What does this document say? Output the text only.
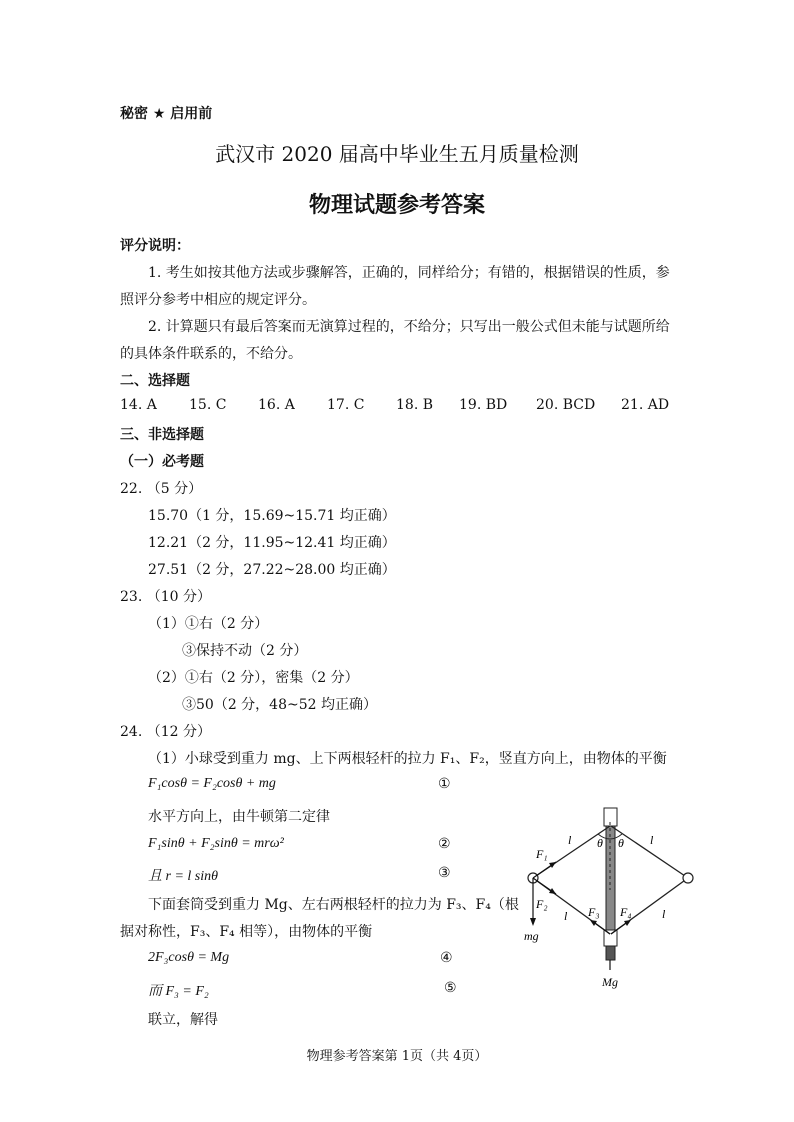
秘密 ★ 启用前
武汉市 2020 届高中毕业生五月质量检测
物理试题参考答案
评分说明：
1. 考生如按其他方法或步骤解答，正确的，同样给分；有错的，根据错误的性质，参
照评分参考中相应的规定评分。
2. 计算题只有最后答案而无演算过程的，不给分；只写出一般公式但未能与试题所给
的具体条件联系的，不给分。
二、选择题
14. A 15. C 16. A 17. C 18. B 19. BD 20. BCD 21. AD
三、非选择题
（一）必考题
22. （5 分）
15.70（1 分，15.69~15.71 均正确）
12.21（2 分，11.95~12.41 均正确）
27.51（2 分，27.22~28.00 均正确）
23. （10 分）
（1）①右（2 分）
③保持不动（2 分）
（2）①右（2 分），密集（2 分）
③50（2 分，48~52 均正确）
24. （12 分）
（1）小球受到重力 mg、上下两根轻杆的拉力 F₁、F₂，竖直方向上，由物体的平衡
F₁cosθ = F₂cosθ + mg	①
水平方向上，由牛顿第二定律
F₁sinθ + F₂sinθ = mrω²	②
且 r = l sinθ	③
下面套筒受到重力 Mg、左右两根轻杆的拉力为 F₃、F₄（根
据对称性，F₃、F₄ 相等），由物体的平衡
2F₃cosθ = Mg	④
而 F₃ = F₂	⑤
联立，解得
F₁
F₂
F₃ F₄
l	l
l	l
θ θ
mg
Mg
物理参考答案第 1页（共 4页）
